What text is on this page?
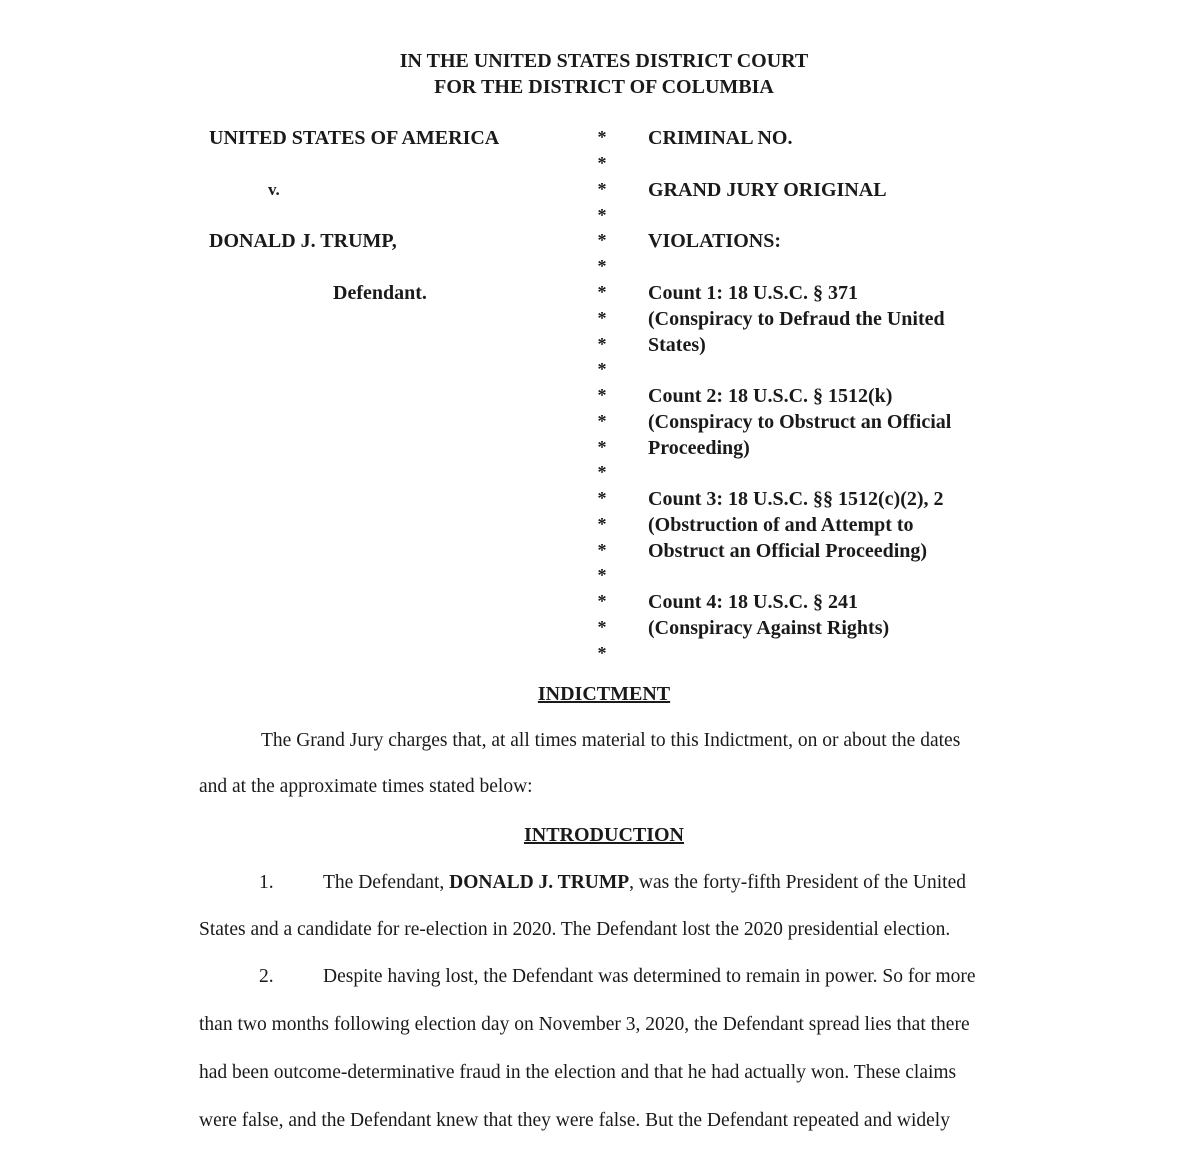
IN THE UNITED STATES DISTRICT COURT
FOR THE DISTRICT OF COLUMBIA
UNITED STATES OF AMERICA
v.
DONALD J. TRUMP,
Defendant.
*
*
*
*
*
*
*
*
*
*
*
*
*
*
*
*
*
*
*
*
*
CRIMINAL NO.
GRAND JURY ORIGINAL
VIOLATIONS:
Count 1: 18 U.S.C. § 371
(Conspiracy to Defraud the United
States)
Count 2: 18 U.S.C. § 1512(k)
(Conspiracy to Obstruct an Official
Proceeding)
Count 3: 18 U.S.C. §§ 1512(c)(2), 2
(Obstruction of and Attempt to
Obstruct an Official Proceeding)
Count 4: 18 U.S.C. § 241
(Conspiracy Against Rights)
INDICTMENT
The Grand Jury charges that, at all times material to this Indictment, on or about the dates
and at the approximate times stated below:
INTRODUCTION
1.	The Defendant, DONALD J. TRUMP, was the forty-fifth President of the United
States and a candidate for re-election in 2020. The Defendant lost the 2020 presidential election.
2.	Despite having lost, the Defendant was determined to remain in power. So for more
than two months following election day on November 3, 2020, the Defendant spread lies that there
had been outcome-determinative fraud in the election and that he had actually won. These claims
were false, and the Defendant knew that they were false. But the Defendant repeated and widely
